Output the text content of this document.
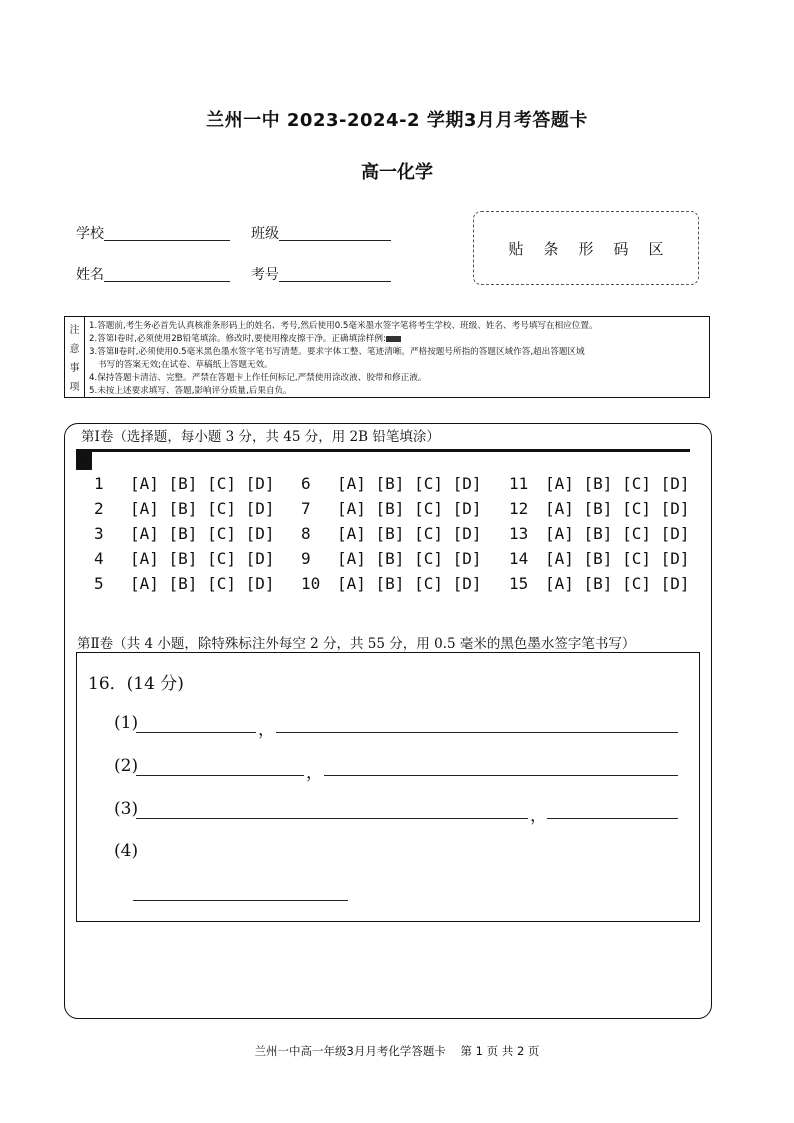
兰州一中 2023-2024-2 学期3月月考答题卡
高一化学
学校	班级
姓名	考号
贴条形码区
注
意
事
项
1.答题前,考生务必首先认真核准条形码上的姓名、考号,然后使用0.5毫米墨水签字笔将考生学校、班级、姓名、考号填写在相应位置。
2.答第Ⅰ卷时,必须使用2B铅笔填涂。修改时,要使用橡皮擦干净。正确填涂样例:
3.答第Ⅱ卷时,必须使用0.5毫米黑色墨水签字笔书写清楚。要求字体工整、笔迹清晰。严格按题号所指的答题区域作答,超出答题区域
书写的答案无效;在试卷、草稿纸上答题无效。
4.保持答题卡清洁、完整。严禁在答题卡上作任何标记,严禁使用涂改液、胶带和修正液。
5.未按上述要求填写、答题,影响评分质量,后果自负。
第Ⅰ卷（选择题，每小题 3 分，共 45 分，用 2B 铅笔填涂）
1	[A] [B] [C] [D]
2	[A] [B] [C] [D]
3	[A] [B] [C] [D]
4	[A] [B] [C] [D]
5	[A] [B] [C] [D]
6	[A] [B] [C] [D]
7	[A] [B] [C] [D]
8	[A] [B] [C] [D]
9	[A] [B] [C] [D]
10 [A] [B] [C] [D]
11 [A] [B] [C] [D]
12 [A] [B] [C] [D]
13 [A] [B] [C] [D]
14 [A] [B] [C] [D]
15 [A] [B] [C] [D]
第Ⅱ卷（共 4 小题，除特殊标注外每空 2 分，共 55 分，用 0.5 毫米的黑色墨水签字笔书写）
16．(14 分)
(1)	，
(2)	，
(3)	，
(4)
兰州一中高一年级3月月考化学答题卡    第 1 页 共 2 页
